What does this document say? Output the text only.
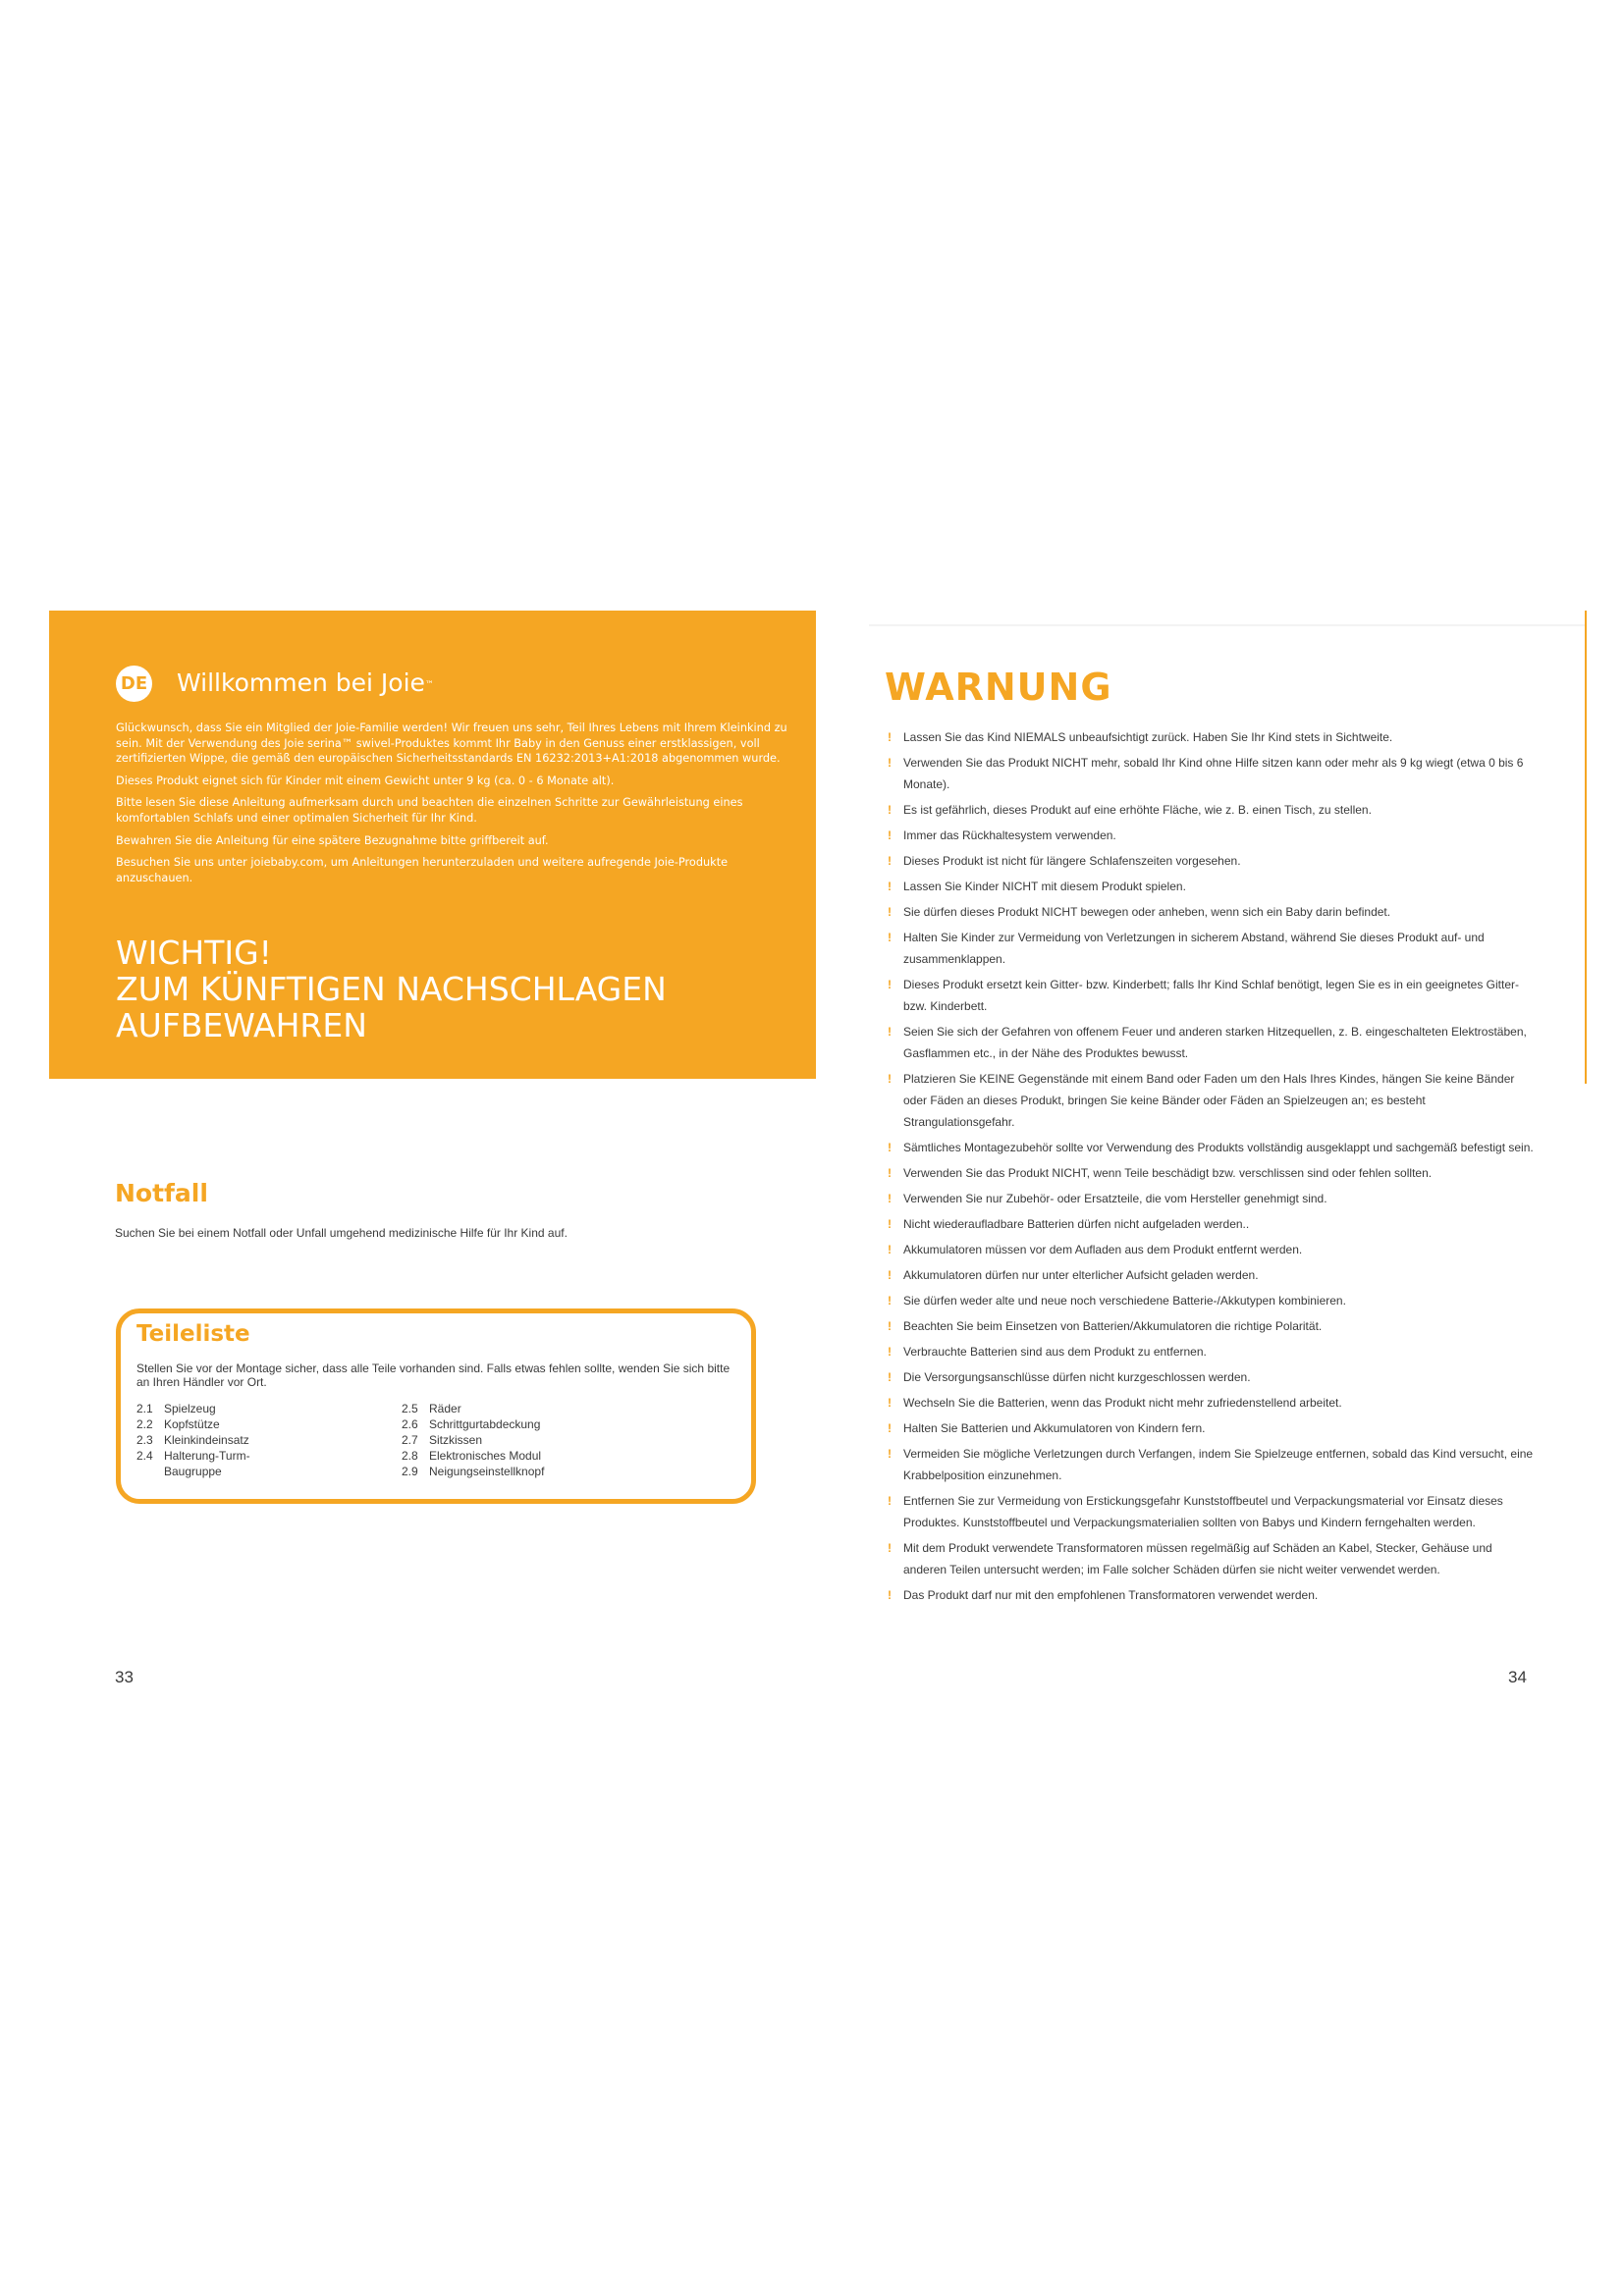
DE Willkommen bei Joie™

Glückwunsch, dass Sie ein Mitglied der Joie-Familie werden! Wir freuen uns sehr, Teil Ihres Lebens mit Ihrem Kleinkind zu sein. Mit der Verwendung des Joie serina™ swivel-Produktes kommt Ihr Baby in den Genuss einer erstklassigen, voll zertifizierten Wippe, die gemäß den europäischen Sicherheitsstandards EN 16232:2013+A1:2018 abgenommen wurde.

Dieses Produkt eignet sich für Kinder mit einem Gewicht unter 9 kg (ca. 0 - 6 Monate alt).

Bitte lesen Sie diese Anleitung aufmerksam durch und beachten die einzelnen Schritte zur Gewährleistung eines komfortablen Schlafs und einer optimalen Sicherheit für Ihr Kind.

Bewahren Sie die Anleitung für eine spätere Bezugnahme bitte griffbereit auf.

Besuchen Sie uns unter joiebaby.com, um Anleitungen herunterzuladen und weitere aufregende Joie-Produkte anzuschauen.

WICHTIG!
ZUM KÜNFTIGEN NACHSCHLAGEN
AUFBEWAHREN
Notfall
Suchen Sie bei einem Notfall oder Unfall umgehend medizinische Hilfe für Ihr Kind auf.
Teileliste
Stellen Sie vor der Montage sicher, dass alle Teile vorhanden sind. Falls etwas fehlen sollte, wenden Sie sich bitte an Ihren Händler vor Ort.
2.1 Spielzeug
2.2 Kopfstütze
2.3 Kleinkindeinsatz
2.4 Halterung-Turm-
Baugruppe
2.5 Räder
2.6 Schrittgurtabdeckung
2.7 Sitzkissen
2.8 Elektronisches Modul
2.9 Neigungseinstellknopf
33
WARNUNG
! Lassen Sie das Kind NIEMALS unbeaufsichtigt zurück. Haben Sie Ihr Kind stets in Sichtweite.
! Verwenden Sie das Produkt NICHT mehr, sobald Ihr Kind ohne Hilfe sitzen kann oder mehr als 9 kg wiegt (etwa 0 bis 6 Monate).
! Es ist gefährlich, dieses Produkt auf eine erhöhte Fläche, wie z. B. einen Tisch, zu stellen.
! Immer das Rückhaltesystem verwenden.
! Dieses Produkt ist nicht für längere Schlafenszeiten vorgesehen.
! Lassen Sie Kinder NICHT mit diesem Produkt spielen.
! Sie dürfen dieses Produkt NICHT bewegen oder anheben, wenn sich ein Baby darin befindet.
! Halten Sie Kinder zur Vermeidung von Verletzungen in sicherem Abstand, während Sie dieses Produkt auf- und zusammenklappen.
! Dieses Produkt ersetzt kein Gitter- bzw. Kinderbett; falls Ihr Kind Schlaf benötigt, legen Sie es in ein geeignetes Gitter- bzw. Kinderbett.
! Seien Sie sich der Gefahren von offenem Feuer und anderen starken Hitzequellen, z. B. eingeschalteten Elektrostäben, Gasflammen etc., in der Nähe des Produktes bewusst.
! Platzieren Sie KEINE Gegenstände mit einem Band oder Faden um den Hals Ihres Kindes, hängen Sie keine Bänder oder Fäden an dieses Produkt, bringen Sie keine Bänder oder Fäden an Spielzeugen an; es besteht Strangulationsgefahr.
! Sämtliches Montagezubehör sollte vor Verwendung des Produkts vollständig ausgeklappt und sachgemäß befestigt sein.
! Verwenden Sie das Produkt NICHT, wenn Teile beschädigt bzw. verschlissen sind oder fehlen sollten.
! Verwenden Sie nur Zubehör- oder Ersatzteile, die vom Hersteller genehmigt sind.
! Nicht wiederaufladbare Batterien dürfen nicht aufgeladen werden..
! Akkumulatoren müssen vor dem Aufladen aus dem Produkt entfernt werden.
! Akkumulatoren dürfen nur unter elterlicher Aufsicht geladen werden.
! Sie dürfen weder alte und neue noch verschiedene Batterie-/Akkutypen kombinieren.
! Beachten Sie beim Einsetzen von Batterien/Akkumulatoren die richtige Polarität.
! Verbrauchte Batterien sind aus dem Produkt zu entfernen.
! Die Versorgungsanschlüsse dürfen nicht kurzgeschlossen werden.
! Wechseln Sie die Batterien, wenn das Produkt nicht mehr zufriedenstellend arbeitet.
! Halten Sie Batterien und Akkumulatoren von Kindern fern.
! Vermeiden Sie mögliche Verletzungen durch Verfangen, indem Sie Spielzeuge entfernen, sobald das Kind versucht, eine Krabbelposition einzunehmen.
! Entfernen Sie zur Vermeidung von Erstickungsgefahr Kunststoffbeutel und Verpackungsmaterial vor Einsatz dieses Produktes. Kunststoffbeutel und Verpackungsmaterialien sollten von Babys und Kindern ferngehalten werden.
! Mit dem Produkt verwendete Transformatoren müssen regelmäßig auf Schäden an Kabel, Stecker, Gehäuse und anderen Teilen untersucht werden; im Falle solcher Schäden dürfen sie nicht weiter verwendet werden.
! Das Produkt darf nur mit den empfohlenen Transformatoren verwendet werden.
34
